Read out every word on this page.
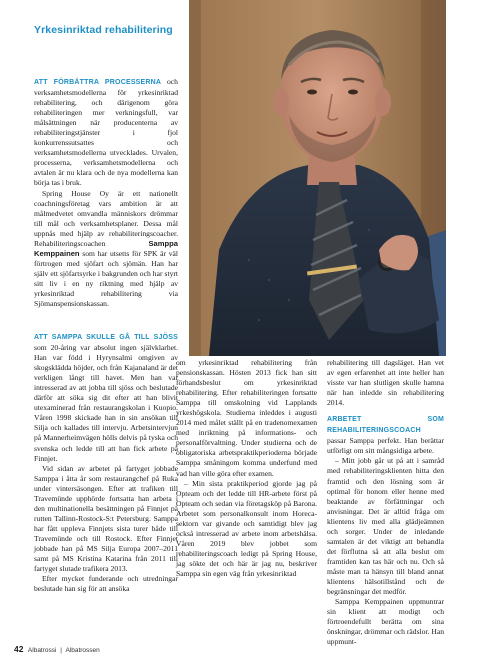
Yrkesinriktad rehabilitering

ATT FÖRBÄTTRA PROCESSERNA och verksamhetsmodellerna för yrkesinriktad rehabilitering, och därigenom göra rehabiliteringen mer verkningsfull, var målsättningen när producenterna av rehabiliteringstjänster i fjol konkurrenssutsattes och verksamhetsmodellerna utvecklades. Urvalen, processerna, verksamhetsmodellerna och avtalen är nu klara och de nya modellerna kan börja tas i bruk.

Spring House Oy är ett nationellt coachningsföretag vars ambition är att målmedvetet omvandla människors drömmar till mål och verksamhetsplaner. Dessa mål uppnås med hjälp av rehabiliteringscoacher. Rehabiliteringscoachen Samppa Kemppainen som har utsetts för SPK är väl förtrogen med sjöfart och sjömän. Han har själv ett sjöfartsyrke i bakgrunden och har styrt sitt liv i en ny riktning med hjälp av yrkesinriktad rehabilitering via Sjömanspensionskassan.

ATT SAMPPA SKULLE GÅ TILL SJÖSS som 20-åring var absolut ingen självklarhet. Han var född i Hyrynsalmi omgiven av skogsklädda höjder, och från Kajanaland är det verkligen långt till havet. Men han var intresserad av att jobba till sjöss och beslutade därför att söka sig dit efter att han blivit utexaminerad från restaurangskolan i Kuopio. Våren 1998 skickade han in sin ansökan till Silja och kallades till intervju. Arbetsintervjun på Mannerheimvägen hölls delvis på tyska och svenska och ledde till att han fick arbete på Finnjet.

Vid sidan av arbetet på fartyget jobbade Samppa i åtta år som restaurangchef på Ruka under vintersäsongen. Efter att trafiken till Travemünde upphörde fortsatta han arbeta i den multinationella besättningen på Finnjet på rutten Tallinn-Rostock-S:t Petersburg. Samppa har fått uppleva Finnjets sista turer både till Travemünde och till Rostock. Efter Finnjet jobbade han på MS Silja Europa 2007–2011 samt på MS Kristina Katarina från 2011 till fartyget slutade trafikera 2013.

Efter mycket funderande och utredningar beslutade han sig för att ansöka

om yrkesinriktad rehabilitering från pensionskassan. Hösten 2013 fick han sitt förhandsbeslut om yrkesinriktad rehabilitering. Efter rehabiliteringen fortsatte Samppa till omskolning vid Lapplands yrkeshögskola. Studierna inleddes i augusti 2014 med målet ställt på en tradenomexamen med inriktning på informations- och personalförvaltning. Under studierna och de obligatoriska arbetspraktikperioderna började Samppa småningom komma underfund med vad han ville göra efter examen.

– Min sista praktikperiod gjorde jag på Opteam och det ledde till HR-arbete först på Opteam och sedan via företagsköp på Barona. Arbetet som personalkonsult inom Horeca-sektorn var givande och samtidigt blev jag också intresserad av arbete inom arbetshälsa. Våren 2019 blev jobbet som rehabiliteringscoach ledigt på Spring House, jag sökte det och här är jag nu, beskriver Samppa sin egen väg från yrkesinriktad

rehabilitering till dagsläget. Han vet av egen erfarenhet att inte heller han visste var han slutligen skulle hamna när han inledde sin rehabilitering 2014.

ARBETET SOM REHABILITERINGSCOACH
passar Samppa perfekt. Han berättar utförligt om sitt mångsidiga arbete.

– Mitt jobb går ut på att i samråd med rehabiliteringsklienten hitta den framtid och den lösning som är optimal för honom eller henne med beaktande av förfättningar och anvisningar. Det är alltid fråga om klientens liv med alla glädjeämnen och sorger. Under de inledande samtalen är det viktigt att behandla det förflutna så att alla beslut om framtiden kan tas här och nu. Och så måste man ta hänsyn till bland annat klientens hälsotillstånd och de begränsningar det medför.

Samppa Kemppainen uppmuntrar sin klient att modigt och förtroendefullt berätta om sina önskningar, drömmar och rädslor. Han uppmunt-

42 Albatrossi | Albatrossen
